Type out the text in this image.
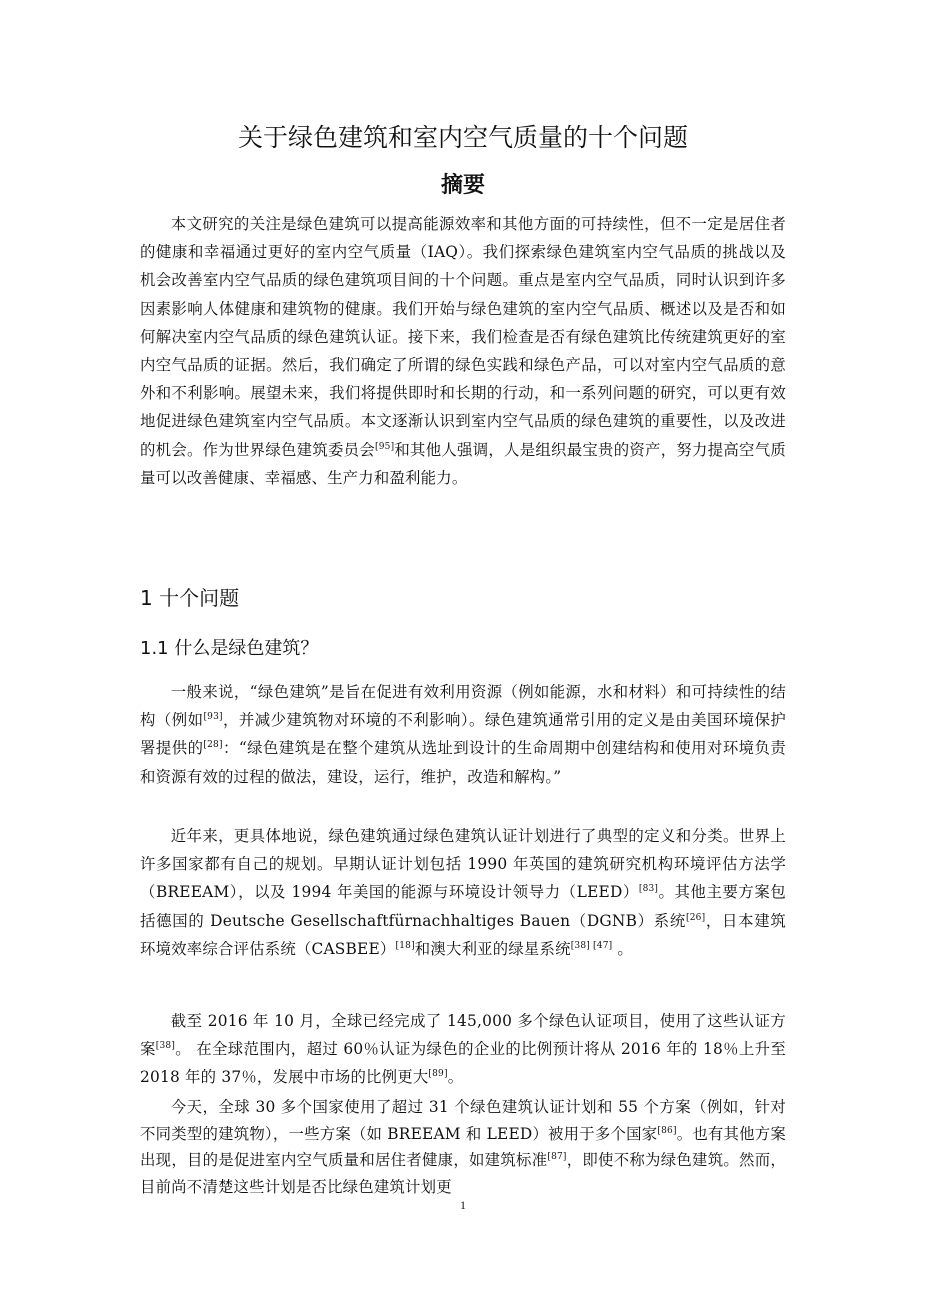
关于绿色建筑和室内空气质量的十个问题
摘要

本文研究的关注是绿色建筑可以提高能源效率和其他方面的可持续性，但不一定是居住者的健康和幸福通过更好的室内空气质量（IAQ）。我们探索绿色建筑室内空气品质的挑战以及机会改善室内空气品质的绿色建筑项目间的十个问题。重点是室内空气品质，同时认识到许多因素影响人体健康和建筑物的健康。我们开始与绿色建筑的室内空气品质、概述以及是否和如何解决室内空气品质的绿色建筑认证。接下来，我们检查是否有绿色建筑比传统建筑更好的室内空气品质的证据。然后，我们确定了所谓的绿色实践和绿色产品，可以对室内空气品质的意外和不利影响。展望未来，我们将提供即时和长期的行动，和一系列问题的研究，可以更有效地促进绿色建筑室内空气品质。本文逐渐认识到室内空气品质的绿色建筑的重要性，以及改进的机会。作为世界绿色建筑委员会[95]和其他人强调，人是组织最宝贵的资产，努力提高空气质量可以改善健康、幸福感、生产力和盈利能力。

1 十个问题
1.1 什么是绿色建筑？

一般来说，“绿色建筑”是旨在促进有效利用资源（例如能源，水和材料）和可持续性的结构（例如[93]，并减少建筑物对环境的不利影响）。绿色建筑通常引用的定义是由美国环境保护署提供的[28]：“绿色建筑是在整个建筑从选址到设计的生命周期中创建结构和使用对环境负责和资源有效的过程的做法，建设，运行，维护，改造和解构。”

近年来，更具体地说，绿色建筑通过绿色建筑认证计划进行了典型的定义和分类。世界上许多国家都有自己的规划。早期认证计划包括 1990 年英国的建筑研究机构环境评估方法学（BREEAM），以及 1994 年美国的能源与环境设计领导力（LEED）[83]。其他主要方案包括德国的 Deutsche Gesellschaftfürnachhaltiges Bauen（DGNB）系统[26]，日本建筑环境效率综合评估系统（CASBEE）[18]和澳大利亚的绿星系统[38] [47] 。

截至 2016 年 10 月，全球已经完成了 145,000 多个绿色认证项目，使用了这些认证方案[38]。 在全球范围内，超过 60％认证为绿色的企业的比例预计将从 2016 年的 18％上升至 2018 年的 37％，发展中市场的比例更大[89]。

今天，全球 30 多个国家使用了超过 31 个绿色建筑认证计划和 55 个方案（例如，针对不同类型的建筑物），一些方案（如 BREEAM 和 LEED）被用于多个国家[86]。也有其他方案出现，目的是促进室内空气质量和居住者健康，如建筑标准[87]，即使不称为绿色建筑。然而，目前尚不清楚这些计划是否比绿色建筑计划更

1
